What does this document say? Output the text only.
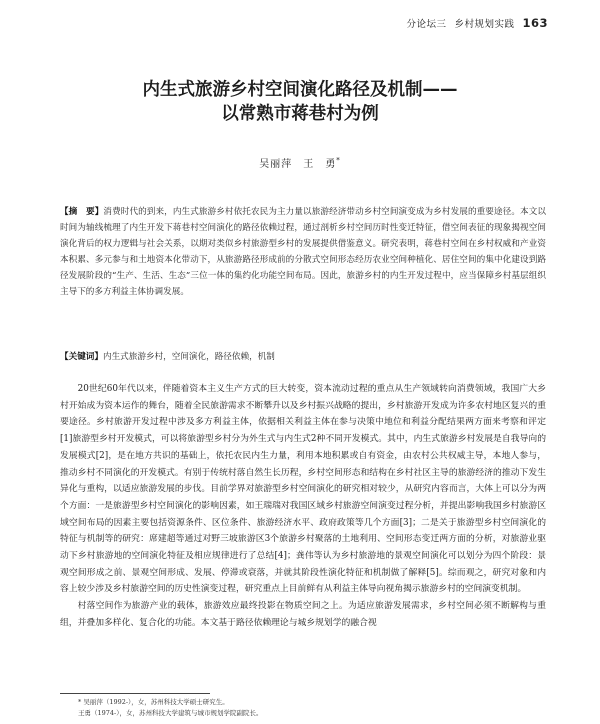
分论坛三 乡村规划实践 163
内生式旅游乡村空间演化路径及机制——
以常熟市蒋巷村为例
吴丽萍　王　勇*
【摘　要】消费时代的到来，内生式旅游乡村依托农民为主力量以旅游经济带动乡村空间演变成为乡村发展的重要途径。本文以时间为轴线梳理了内生开发下蒋巷村空间演化的路径依赖过程，通过剖析乡村空间历时性变迁特征，借空间表征的现象揭视空间演化背后的权力逻辑与社会关系，以期对类似乡村旅游型乡村的发展提供借鉴意义。研究表明，蒋巷村空间在乡村权威和产业资本积累、多元参与和土地资本化带动下，从旅游路径形成前的分散式空间形态经历农业空间种植化、居住空间的集中化建设到路径发展阶段的“生产、生活、生态”三位一体的集约化功能空间布局。因此，旅游乡村的内生开发过程中，应当保障乡村基层组织主导下的多方利益主体协调发展。
【关键词】内生式旅游乡村，空间演化，路径依赖，机制

20世纪60年代以来，伴随着资本主义生产方式的巨大转变，资本流动过程的重点从生产领域转向消费领域，我国广大乡村开始成为资本运作的舞台，随着全民旅游需求不断攀升以及乡村振兴战略的提出，乡村旅游开发成为许多农村地区复兴的重要途径。乡村旅游开发过程中涉及多方利益主体，依据相关利益主体在参与决策中地位和利益分配结果两方面来考察和评定[1]旅游型乡村开发模式，可以将旅游型乡村分为外生式与内生式2种不同开发模式。其中，内生式旅游乡村发展是自我导向的发展模式[2]，是在地方共识的基础上，依托农民内生力量，利用本地积累或自有资金，由农村公共权威主导，本地人参与，推动乡村不同演化的开发模式。有别于传统村落自然生长历程，乡村空间形态和结构在乡村社区主导的旅游经济的推动下发生异化与重构，以适应旅游发展的步伐。目前学界对旅游型乡村空间演化的研究相对较少，从研究内容而言，大体上可以分为两个方面：一是旅游型乡村空间演化的影响因素，如王瑞瑞对我国区域乡村旅游空间演变过程分析，并提出影响我国乡村旅游区域空间布局的因素主要包括资源条件、区位条件、旅游经济水平、政府政策等几个方面[3]；二是关于旅游型乡村空间演化的特征与机制等的研究：席建超等通过对野三坡旅游区3个旅游乡村聚落的土地利用、空间形态变迁两方面的分析，对旅游业驱动下乡村旅游地的空间演化特征及相应规律进行了总结[4]；龚伟等认为乡村旅游地的景观空间演化可以划分为四个阶段：景观空间形成之前、景观空间形成、发展、停滞或衰落，并就其阶段性演化特征和机制做了解释[5]。综而观之，研究对象和内容上较少涉及乡村旅游空间的历史性演变过程，研究重点上目前鲜有从利益主体导向视角揭示旅游乡村的空间演变机制。

村落空间作为旅游产业的载体，旅游效应最终投影在物质空间之上。为适应旅游发展需求，乡村空间必须不断解构与重组，并叠加多样化、复合化的功能。本文基于路径依赖理论与城乡规划学的融合视

* 吴丽萍（1992-），女，苏州科技大学硕士研究生。
王勇（1974-），女，苏州科技大学建筑与城市规划学院副院长。
